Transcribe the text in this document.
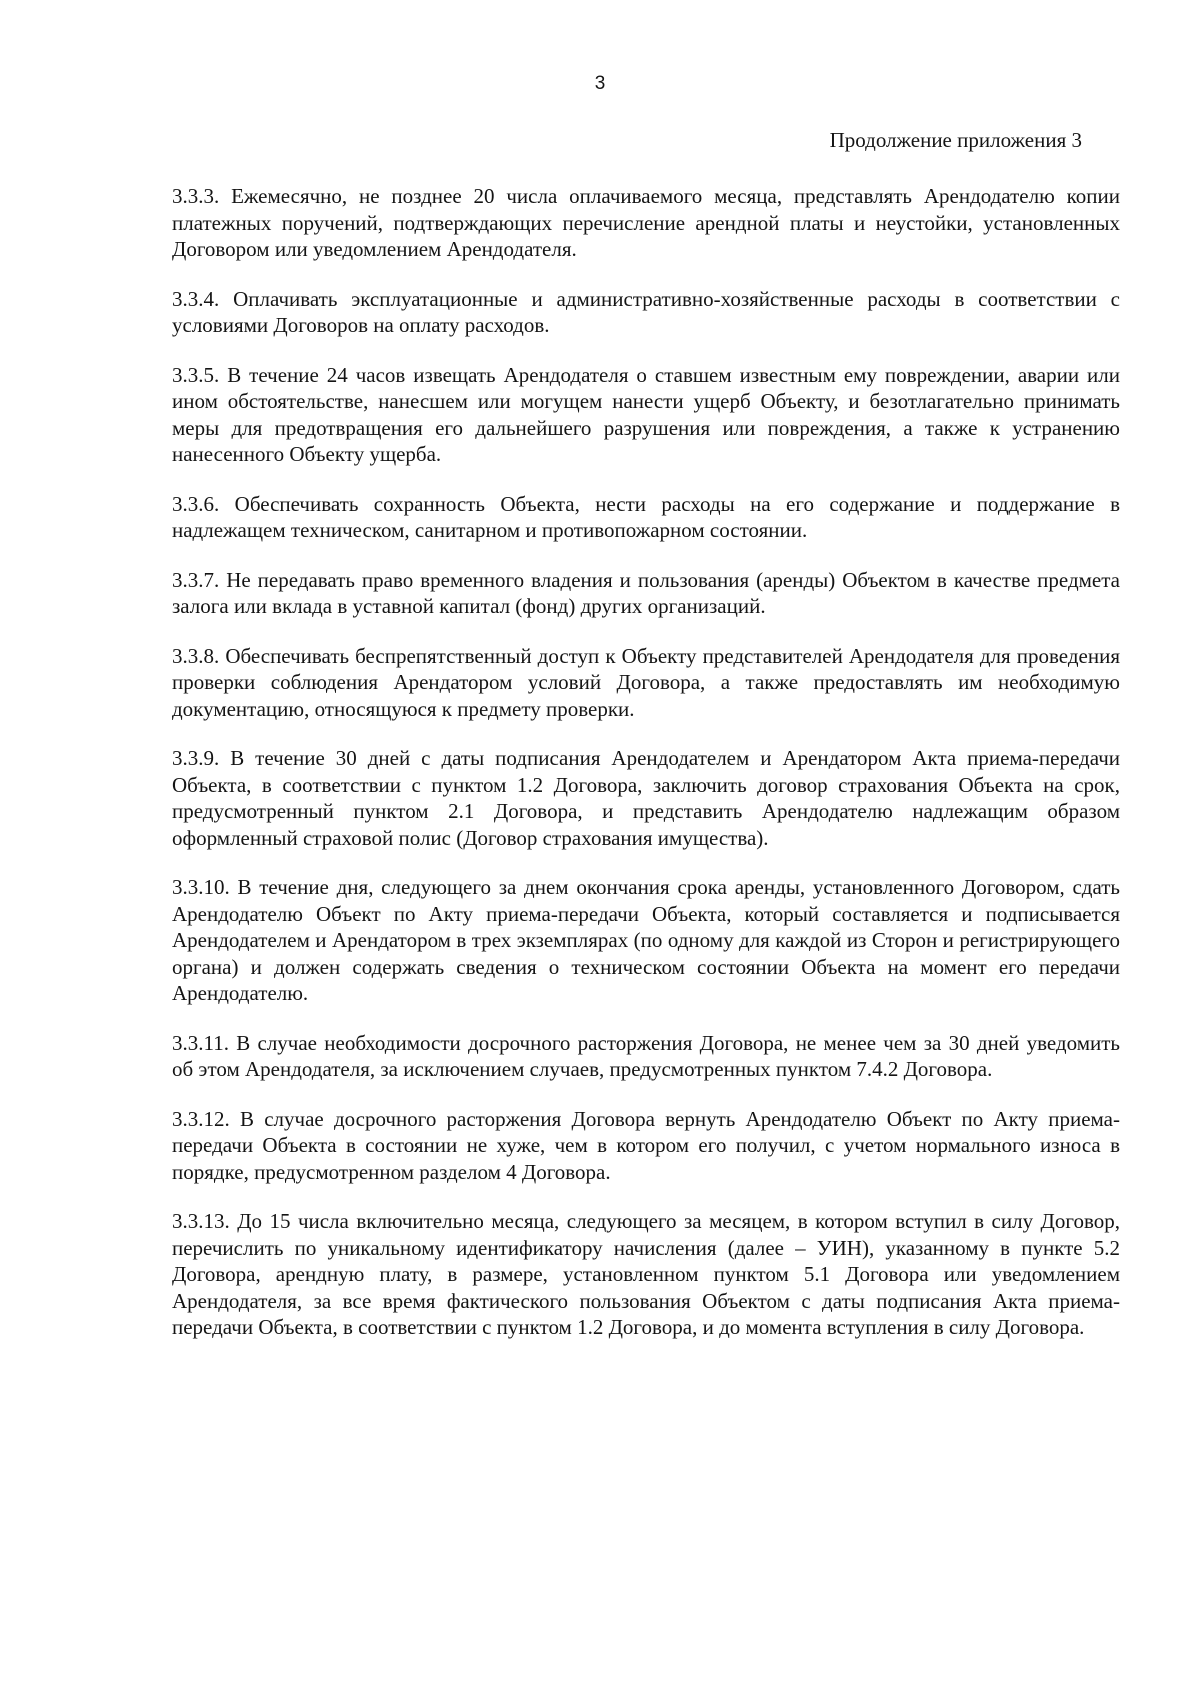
3
Продолжение приложения 3

3.3.3. Ежемесячно, не позднее 20 числа оплачиваемого месяца, представлять Арендодателю копии платежных поручений, подтверждающих перечисление арендной платы и неустойки, установленных Договором или уведомлением Арендодателя.

3.3.4. Оплачивать эксплуатационные и административно-хозяйственные расходы в соответствии с условиями Договоров на оплату расходов.

3.3.5. В течение 24 часов извещать Арендодателя о ставшем известным ему повреждении, аварии или ином обстоятельстве, нанесшем или могущем нанести ущерб Объекту, и безотлагательно принимать меры для предотвращения его дальнейшего разрушения или повреждения, а также к устранению нанесенного Объекту ущерба.

3.3.6. Обеспечивать сохранность Объекта, нести расходы на его содержание и поддержание в надлежащем техническом, санитарном и противопожарном состоянии.

3.3.7. Не передавать право временного владения и пользования (аренды) Объектом в качестве предмета залога или вклада в уставной капитал (фонд) других организаций.

3.3.8. Обеспечивать беспрепятственный доступ к Объекту представителей Арендодателя для проведения проверки соблюдения Арендатором условий Договора, а также предоставлять им необходимую документацию, относящуюся к предмету проверки.

3.3.9. В течение 30 дней с даты подписания Арендодателем и Арендатором Акта приема-передачи Объекта, в соответствии с пунктом 1.2 Договора, заключить договор страхования Объекта на срок, предусмотренный пунктом 2.1 Договора, и представить Арендодателю надлежащим образом оформленный страховой полис (Договор страхования имущества).

3.3.10. В течение дня, следующего за днем окончания срока аренды, установленного Договором, сдать Арендодателю Объект по Акту приема-передачи Объекта, который составляется и подписывается Арендодателем и Арендатором в трех экземплярах (по одному для каждой из Сторон и регистрирующего органа) и должен содержать сведения о техническом состоянии Объекта на момент его передачи Арендодателю.

3.3.11. В случае необходимости досрочного расторжения Договора, не менее чем за 30 дней уведомить об этом Арендодателя, за исключением случаев, предусмотренных пунктом 7.4.2 Договора.

3.3.12. В случае досрочного расторжения Договора вернуть Арендодателю Объект по Акту приема-передачи Объекта в состоянии не хуже, чем в котором его получил, с учетом нормального износа в порядке, предусмотренном разделом 4 Договора.

3.3.13. До 15 числа включительно месяца, следующего за месяцем, в котором вступил в силу Договор, перечислить по уникальному идентификатору начисления (далее – УИН), указанному в пункте 5.2 Договора, арендную плату, в размере, установленном пунктом 5.1 Договора или уведомлением Арендодателя, за все время фактического пользования Объектом с даты подписания Акта приема-передачи Объекта, в соответствии с пунктом 1.2 Договора, и до момента вступления в силу Договора.
